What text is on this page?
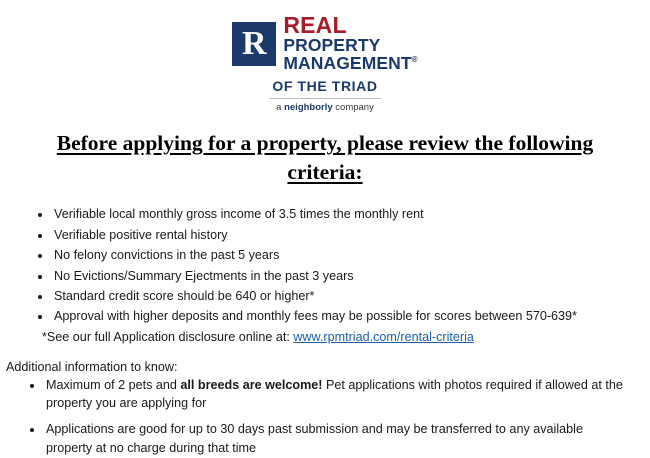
R REAL
PROPERTY
MANAGEMENT®
OF THE TRIAD
a neighborly company
Before applying for a property, please review the following criteria:
• Verifiable local monthly gross income of 3.5 times the monthly rent
• Verifiable positive rental history
• No felony convictions in the past 5 years
• No Evictions/Summary Ejectments in the past 3 years
• Standard credit score should be 640 or higher*
• Approval with higher deposits and monthly fees may be possible for scores between 570-639*
*See our full Application disclosure online at: www.rpmtriad.com/rental-criteria
Additional information to know:
• Maximum of 2 pets and all breeds are welcome! Pet applications with photos required if allowed at the property you are applying for
• Applications are good for up to 30 days past submission and may be transferred to any available property at no charge during that time
